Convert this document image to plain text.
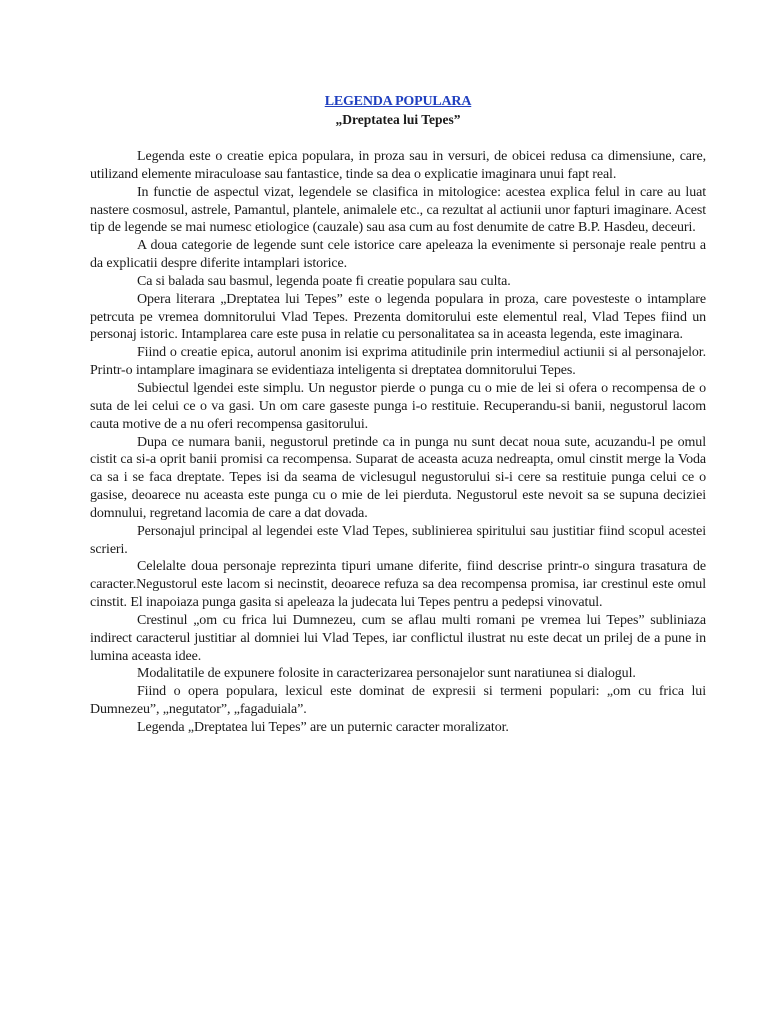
LEGENDA POPULARA
„Dreptatea lui Tepes”

Legenda este o creatie epica populara, in proza sau in versuri, de obicei redusa ca dimensiune, care, utilizand elemente miraculoase sau fantastice, tinde sa dea o explicatie imaginara unui fapt real.

In functie de aspectul vizat, legendele se clasifica in mitologice: acestea explica felul in care au luat nastere cosmosul, astrele, Pamantul, plantele, animalele etc., ca rezultat al actiunii unor fapturi imaginare. Acest tip de legende se mai numesc etiologice (cauzale) sau asa cum au fost denumite de catre B.P. Hasdeu, deceuri.

A doua categorie de legende sunt cele istorice care apeleaza la evenimente si personaje reale pentru a da explicatii despre diferite intamplari istorice.

Ca si balada sau basmul, legenda poate fi creatie populara sau culta.

Opera literara „Dreptatea lui Tepes” este o legenda populara in proza, care povesteste o intamplare petrcuta pe vremea domnitorului Vlad Tepes. Prezenta domitorului este elementul real, Vlad Tepes fiind un personaj istoric. Intamplarea care este pusa in relatie cu personalitatea sa in aceasta legenda, este imaginara.

Fiind o creatie epica, autorul anonim isi exprima atitudinile prin intermediul actiunii si al personajelor. Printr-o intamplare imaginara se evidentiaza inteligenta si dreptatea domnitorului Tepes.

Subiectul lgendei este simplu. Un negustor pierde o punga cu o mie de lei si ofera o recompensa de o suta de lei celui ce o va gasi. Un om care gaseste punga i-o restituie. Recuperandu-si banii, negustorul lacom cauta motive de a nu oferi recompensa gasitorului.

Dupa ce numara banii, negustorul pretinde ca in punga nu sunt decat noua sute, acuzandu-l pe omul cistit ca si-a oprit banii promisi ca recompensa. Suparat de aceasta acuza nedreapta, omul cinstit merge la Voda ca sa i se faca dreptate. Tepes isi da seama de viclesugul negustorului si-i cere sa restituie punga celui ce o gasise, deoarece nu aceasta este punga cu o mie de lei pierduta. Negustorul este nevoit sa se supuna deciziei domnului, regretand lacomia de care a dat dovada.

Personajul principal al legendei este Vlad Tepes, sublinierea spiritului sau justitiar fiind scopul acestei scrieri.

Celelalte doua personaje reprezinta tipuri umane diferite, fiind descrise printr-o singura trasatura de caracter.Negustorul este lacom si necinstit, deoarece refuza sa dea recompensa promisa, iar crestinul este omul cinstit. El inapoiaza punga gasita si apeleaza la judecata lui Tepes pentru a pedepsi vinovatul.

Crestinul „om cu frica lui Dumnezeu, cum se aflau multi romani pe vremea lui Tepes” subliniaza indirect caracterul justitiar al domniei lui Vlad Tepes, iar conflictul ilustrat nu este decat un prilej de a pune in lumina aceasta idee.

Modalitatile de expunere folosite in caracterizarea personajelor sunt naratiunea si dialogul.

Fiind o opera populara, lexicul este dominat de expresii si termeni populari: „om cu frica lui Dumnezeu”, „negutator”, „fagaduiala”.

Legenda „Dreptatea lui Tepes” are un puternic caracter moralizator.
